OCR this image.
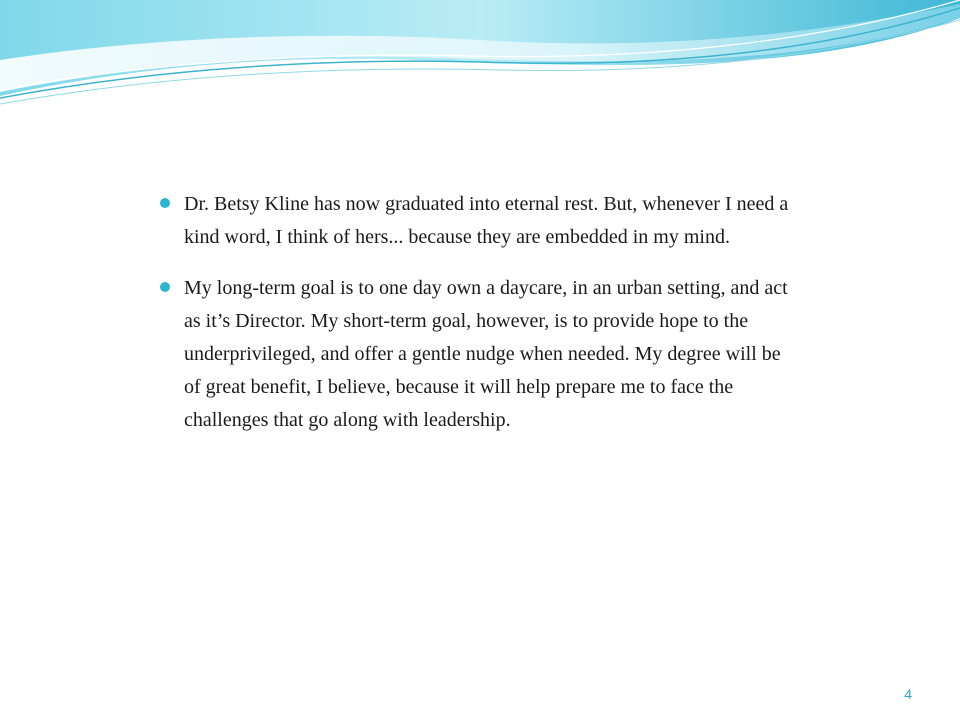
Dr. Betsy Kline has now graduated into eternal rest. But, whenever I need a kind word, I think of hers... because they are embedded in my mind.
My long-term goal is to one day own a daycare, in an urban setting, and act as it’s Director. My short-term goal, however, is to provide hope to the underprivileged, and offer a gentle nudge when needed. My degree will be of great benefit, I believe, because it will help prepare me to face the challenges that go along with leadership.
4
